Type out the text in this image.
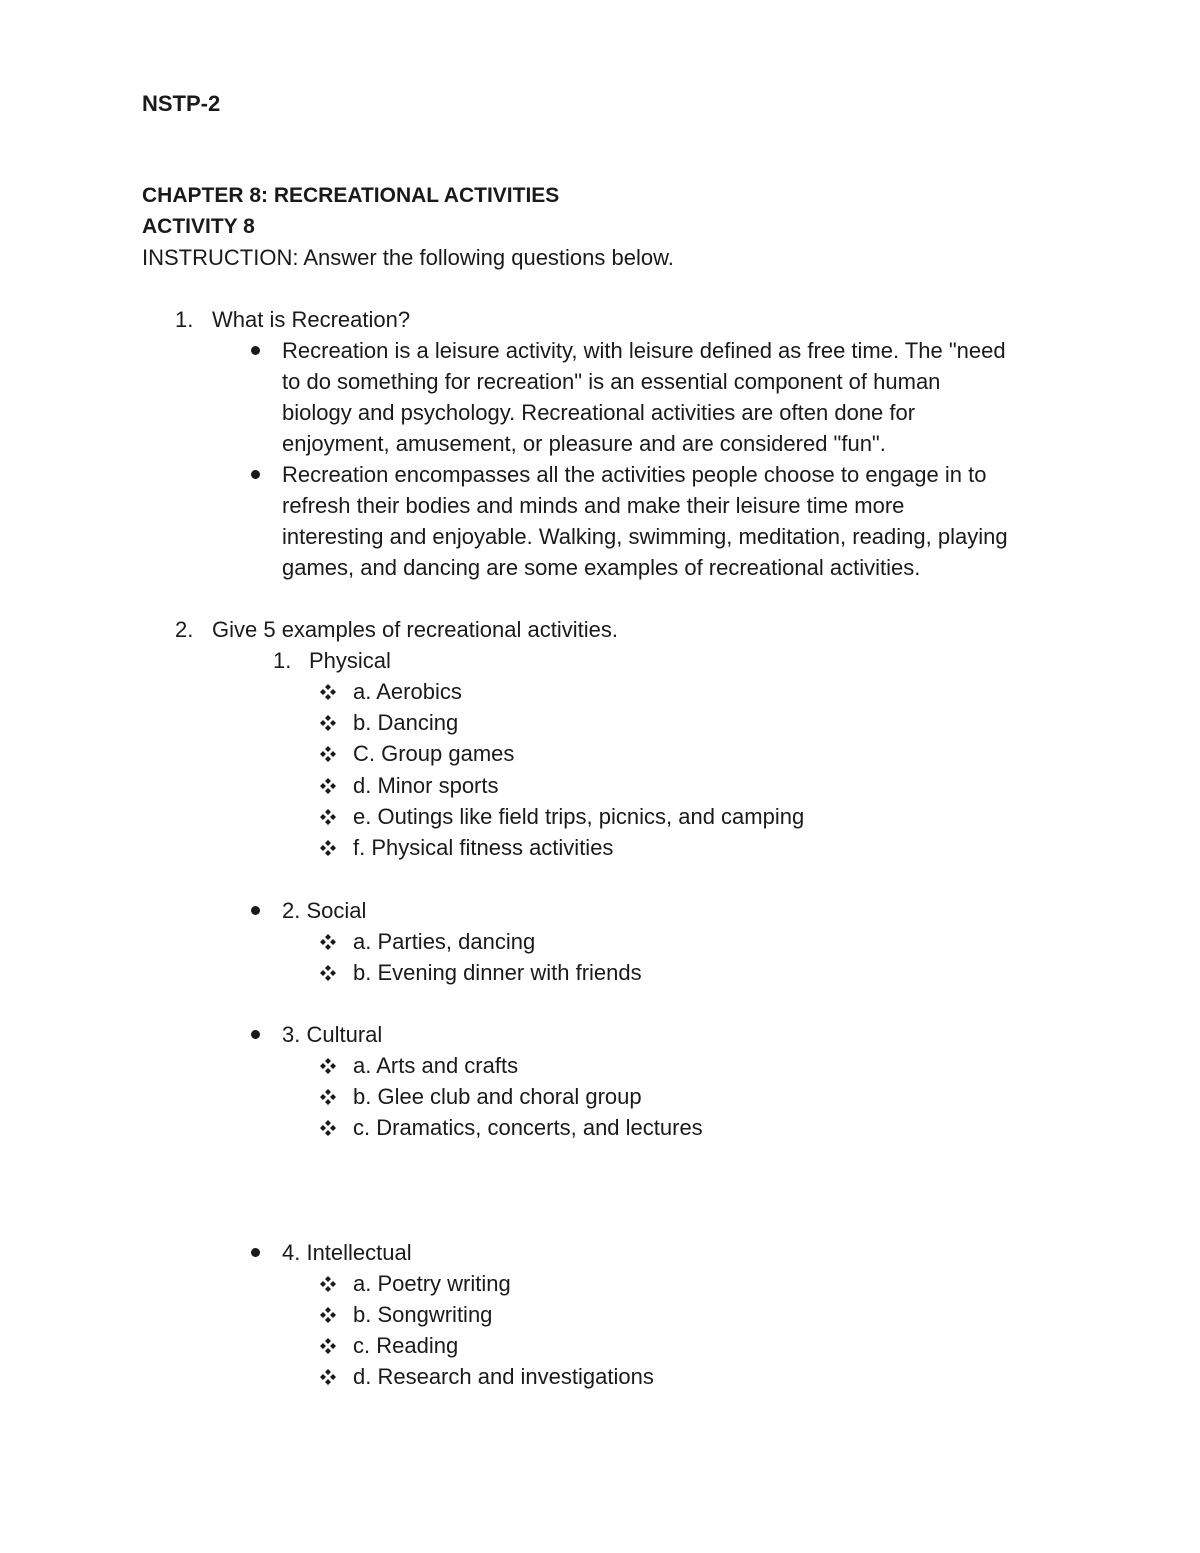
NSTP-2
CHAPTER 8: RECREATIONAL ACTIVITIES
ACTIVITY 8
INSTRUCTION: Answer the following questions below.
1. What is Recreation?
Recreation is a leisure activity, with leisure defined as free time. The "need
to do something for recreation" is an essential component of human
biology and psychology. Recreational activities are often done for
enjoyment, amusement, or pleasure and are considered "fun".
Recreation encompasses all the activities people choose to engage in to
refresh their bodies and minds and make their leisure time more
interesting and enjoyable. Walking, swimming, meditation, reading, playing
games, and dancing are some examples of recreational activities.
2. Give 5 examples of recreational activities.
1. Physical
a. Aerobics
b. Dancing
C. Group games
d. Minor sports
e. Outings like field trips, picnics, and camping
f. Physical fitness activities
2. Social
a. Parties, dancing
b. Evening dinner with friends
3. Cultural
a. Arts and crafts
b. Glee club and choral group
c. Dramatics, concerts, and lectures
4. Intellectual
a. Poetry writing
b. Songwriting
c. Reading
d. Research and investigations
